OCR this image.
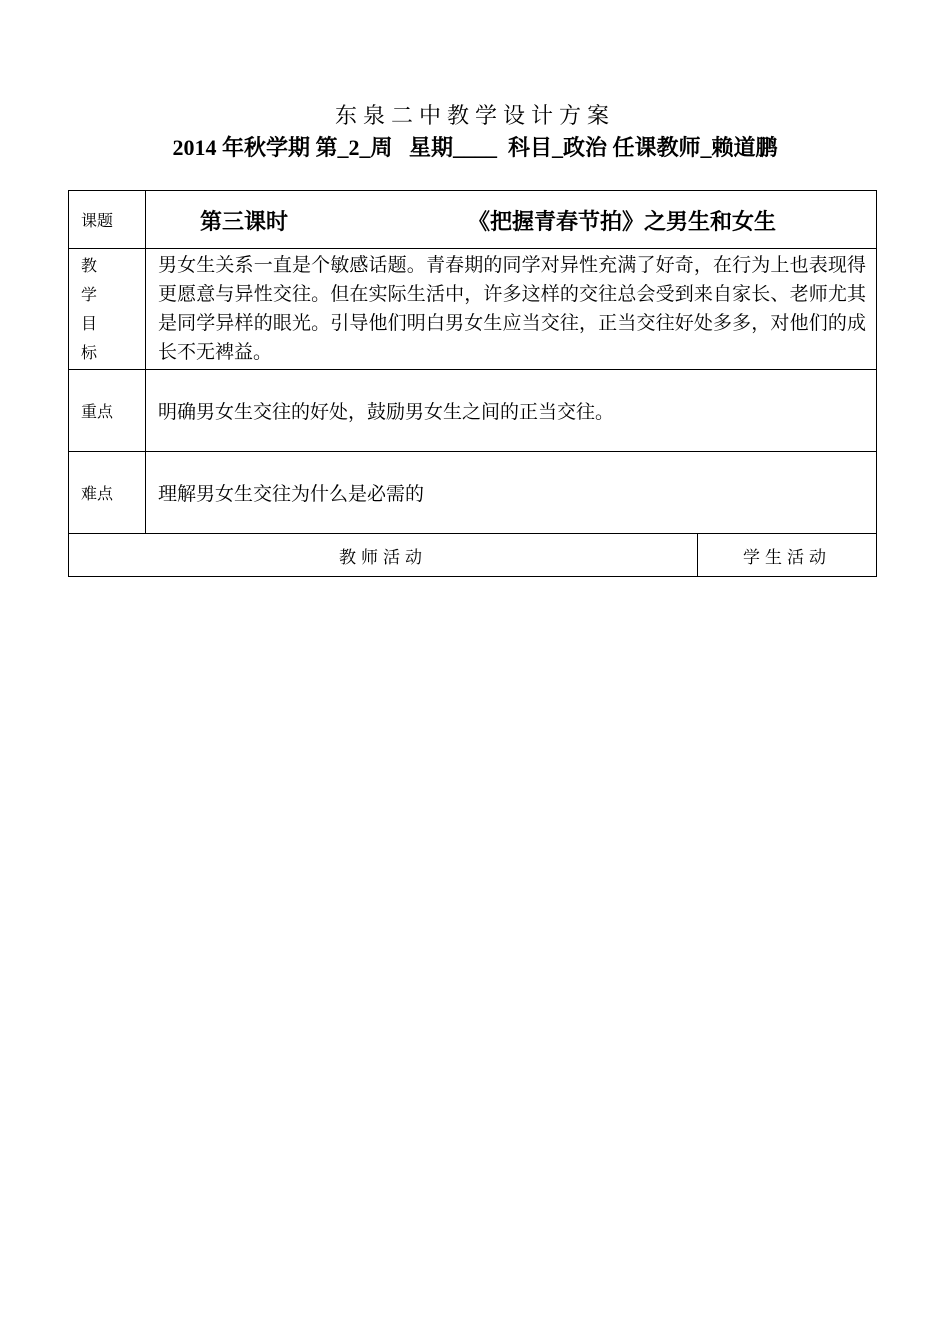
东泉二中教学设计方案
2014 年秋学期 第_2_周   星期____  科目_政治 任课教师_赖道鹏
课题	第三课时 《把握青春节拍》之男生和女生	

教
学
目
标	男女生关系一直是个敏感话题。青春期的同学对异性充满了好奇，在行为上也表现得更愿意与异性交往。但在实际生活中，许多这样的交往总会受到来自家长、老师尤其是同学异样的眼光。引导他们明白男女生应当交往，正当交往好处多多，对他们的成长不无裨益。	
重点	明确男女生交往的好处，鼓励男女生之间的正当交往。	
难点	理解男女生交往为什么是必需的	
教师活动		学生活动
